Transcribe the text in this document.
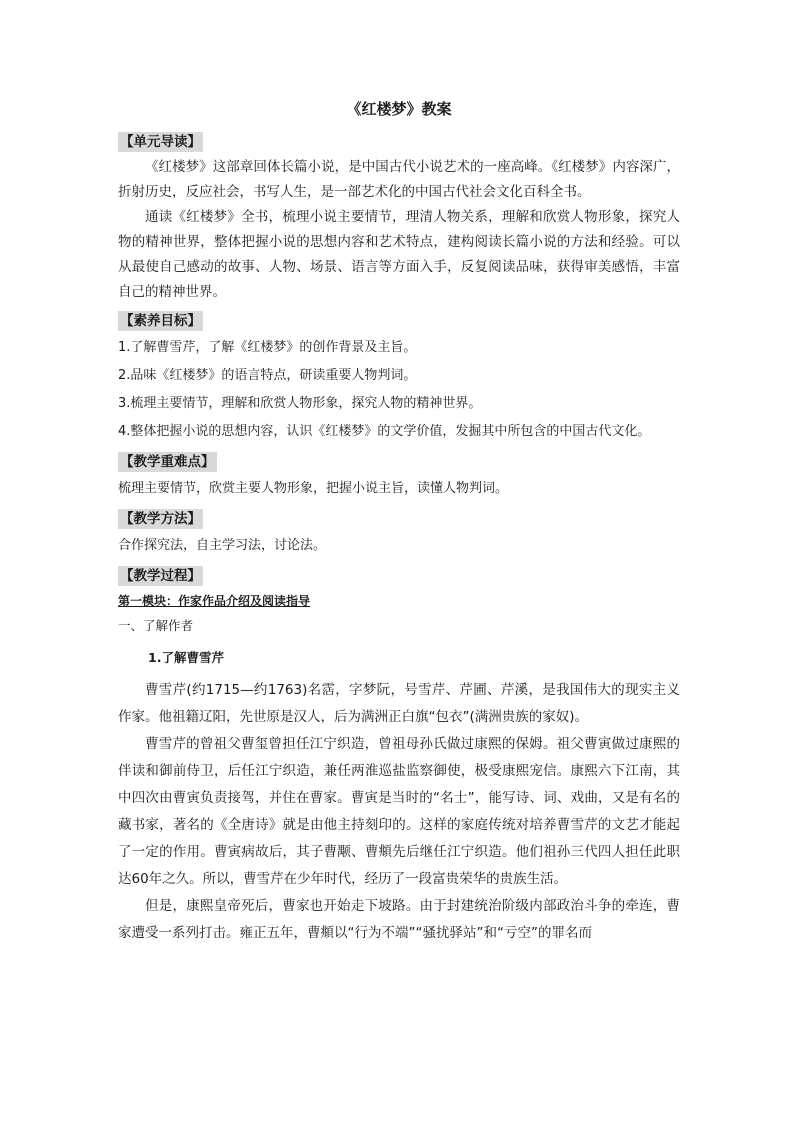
《红楼梦》教案
【单元导读】

《红楼梦》这部章回体长篇小说，是中国古代小说艺术的一座高峰。《红楼梦》内容深广，折射历史，反应社会，书写人生，是一部艺术化的中国古代社会文化百科全书。

通读《红楼梦》全书，梳理小说主要情节，理清人物关系，理解和欣赏人物形象，探究人物的精神世界，整体把握小说的思想内容和艺术特点，建构阅读长篇小说的方法和经验。可以从最使自己感动的故事、人物、场景、语言等方面入手，反复阅读品味，获得审美感悟，丰富自己的精神世界。

【素养目标】

1.了解曹雪芹，了解《红楼梦》的创作背景及主旨。

2.品味《红楼梦》的语言特点，研读重要人物判词。

3.梳理主要情节，理解和欣赏人物形象，探究人物的精神世界。

4.整体把握小说的思想内容，认识《红楼梦》的文学价值，发掘其中所包含的中国古代文化。

【教学重难点】

梳理主要情节，欣赏主要人物形象，把握小说主旨，读懂人物判词。

【教学方法】

合作探究法，自主学习法，讨论法。

【教学过程】
第一模块：作家作品介绍及阅读指导
一、了解作者
1.了解曹雪芹

曹雪芹(约1715—约1763)名霑，字梦阮，号雪芹、芹圃、芹溪，是我国伟大的现实主义作家。他祖籍辽阳，先世原是汉人，后为满洲正白旗“包衣”(满洲贵族的家奴)。

曹雪芹的曾祖父曹玺曾担任江宁织造，曾祖母孙氏做过康熙的保姆。祖父曹寅做过康熙的伴读和御前侍卫，后任江宁织造，兼任两淮巡盐监察御使，极受康熙宠信。康熙六下江南，其中四次由曹寅负责接驾，并住在曹家。曹寅是当时的“名士”，能写诗、词、戏曲，又是有名的藏书家，著名的《全唐诗》就是由他主持刻印的。这样的家庭传统对培养曹雪芹的文艺才能起了一定的作用。曹寅病故后，其子曹颙、曹頫先后继任江宁织造。他们祖孙三代四人担任此职达60年之久。所以，曹雪芹在少年时代，经历了一段富贵荣华的贵族生活。

但是，康熙皇帝死后，曹家也开始走下坡路。由于封建统治阶级内部政治斗争的牵连，曹家遭受一系列打击。雍正五年，曹頫以“行为不端”“骚扰驿站”和“亏空”的罪名而
